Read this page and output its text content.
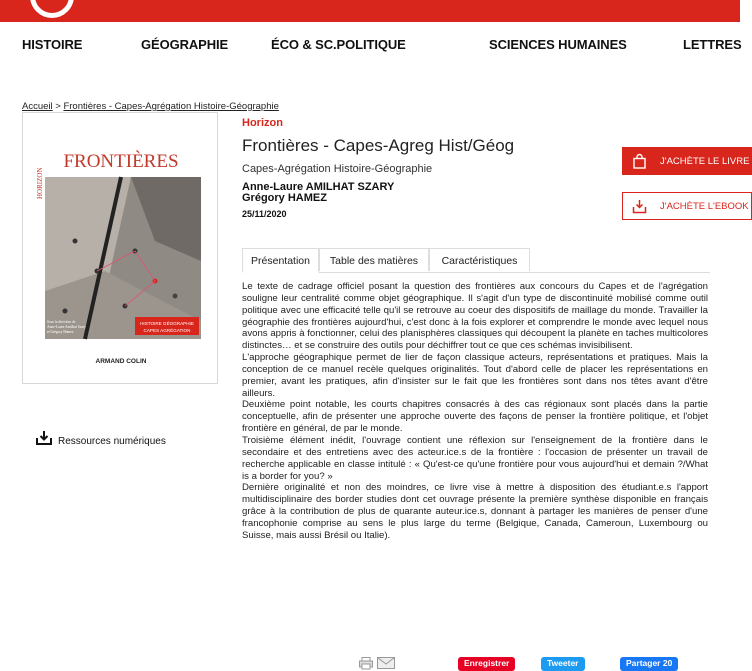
HISTOIRE	GÉOGRAPHIE	ÉCO & SC.POLITIQUE	SCIENCES HUMAINES	LETTRES
Accueil > Frontières - Capes-Agrégation Histoire-Géographie
HORIZON
FRONTIÈRES
HISTOIRE GÉOGRAPHIE
CAPES AGRÉGATION
Sous la direction de
Anne-Laure Amilhat Szary
et Grégory Hamez
ARMAND COLIN
Ressources numériques
Horizon
Frontières - Capes-Agreg Hist/Géog
Capes-Agrégation Histoire-Géographie
Anne-Laure AMILHAT SZARY
Grégory HAMEZ
25/11/2020
J'ACHÈTE LE LIVRE
J'ACHÈTE L'EBOOK
Présentation	Table des matières	Caractéristiques

Le texte de cadrage officiel posant la question des frontières aux concours du Capes et de l'agrégation souligne leur centralité comme objet géographique. Il s'agit d'un type de discontinuité mobilisé comme outil politique avec une efficacité telle qu'il se retrouve au coeur des dispositifs de maillage du monde. Travailler la géographie des frontières aujourd'hui, c'est donc à la fois explorer et comprendre le monde avec lequel nous avons appris à fonctionner, celui des planisphères classiques qui découpent la planète en taches multicolores distinctes… et se construire des outils pour déchiffrer tout ce que ces schémas invisibilisent.

L'approche géographique permet de lier de façon classique acteurs, représentations et pratiques. Mais la conception de ce manuel recèle quelques originalités. Tout d'abord celle de placer les représentations en premier, avant les pratiques, afin d'insister sur le fait que les frontières sont dans nos têtes avant d'être ailleurs.

Deuxième point notable, les courts chapitres consacrés à des cas régionaux sont placés dans la partie conceptuelle, afin de présenter une approche ouverte des façons de penser la frontière politique, et l'objet frontière en général, de par le monde.

Troisième élément inédit, l'ouvrage contient une réflexion sur l'enseignement de la frontière dans le secondaire et des entretiens avec des acteur.ice.s de la frontière : l'occasion de présenter un travail de recherche applicable en classe intitulé : « Qu'est-ce qu'une frontière pour vous aujourd'hui et demain ?/What is a border for you? »

Dernière originalité et non des moindres, ce livre vise à mettre à disposition des étudiant.e.s l'apport multidisciplinaire des border studies dont cet ouvrage présente la première synthèse disponible en français grâce à la contribution de plus de quarante auteur.ice.s, donnant à partager les manières de penser d'une francophonie comprise au sens le plus large du terme (Belgique, Canada, Cameroun, Luxembourg ou Suisse, mais aussi Brésil ou Italie).

Enregistrer	Tweeter	Partager 20
